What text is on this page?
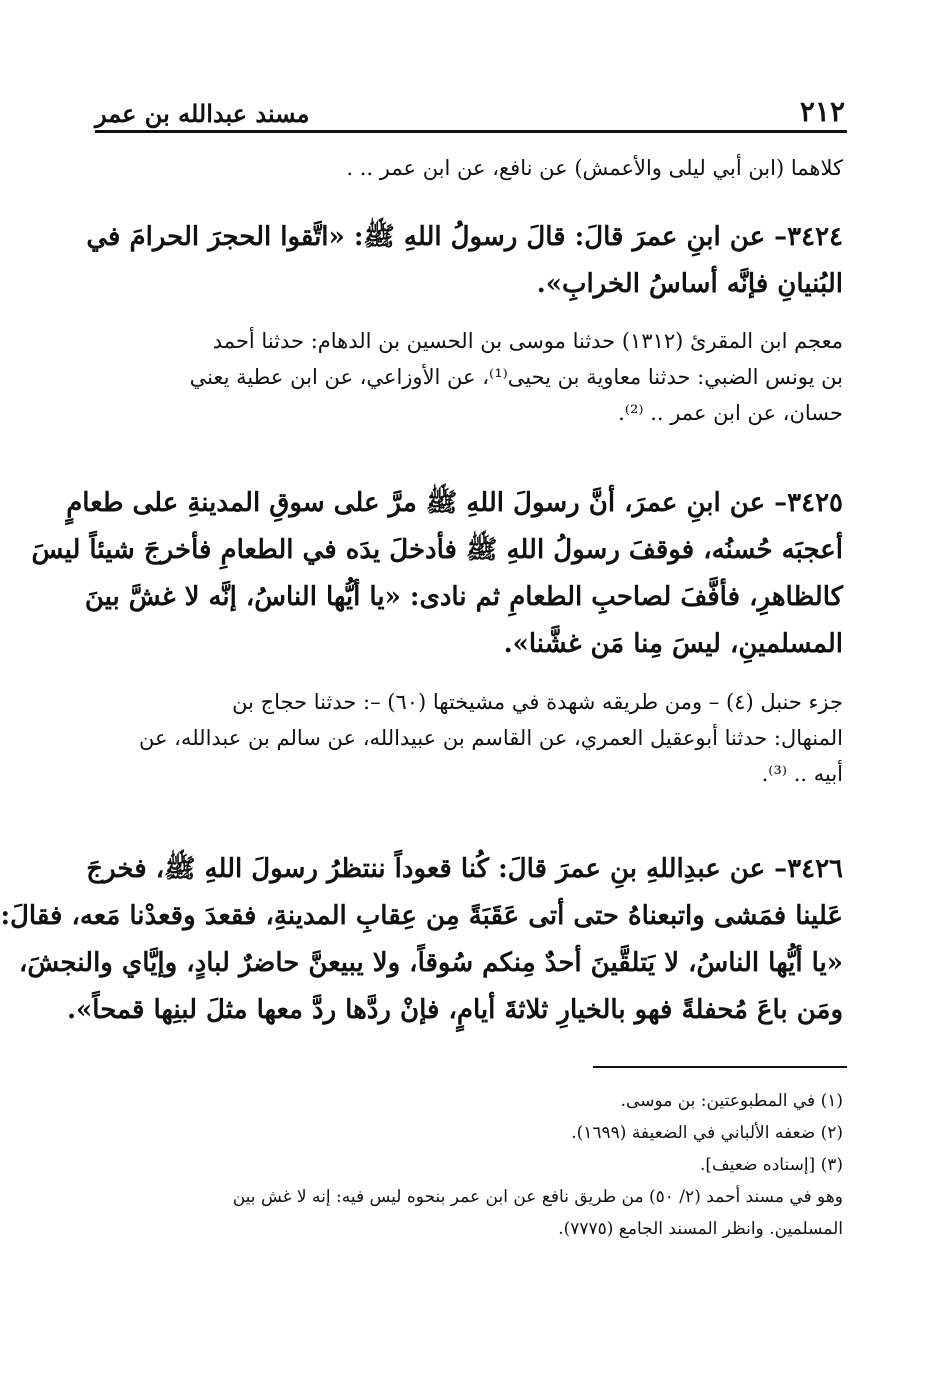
٢١٢
مسند عبدالله بن عمر
كلاهما (ابن أبي ليلى والأعمش) عن نافع، عن ابن عمر .. .
٣٤٢٤– عن ابنِ عمرَ قالَ: قالَ رسولُ اللهِ ﷺ: «اتَّقوا الحجرَ الحرامَ في
البُنيانِ فإنَّه أساسُ الخرابِ».
معجم ابن المقرئ (١٣١٢) حدثنا موسى بن الحسين بن الدهام: حدثنا أحمد
بن يونس الضبي: حدثنا معاوية بن يحيى⁽¹⁾، عن الأوزاعي، عن ابن عطية يعني
حسان، عن ابن عمر .. ⁽²⁾.
٣٤٢٥– عن ابنِ عمرَ، أنَّ رسولَ اللهِ ﷺ مرَّ على سوقِ المدينةِ على طعامٍ
أعجبَه حُسنُه، فوقفَ رسولُ اللهِ ﷺ فأدخلَ يدَه في الطعامِ فأخرجَ شيئاً ليسَ
كالظاهرِ، فأفَّفَ لصاحبِ الطعامِ ثم نادى: «يا أيُّها الناسُ، إنَّه لا غشَّ بينَ
المسلمينِ، ليسَ مِنا مَن غشَّنا».
جزء حنبل (٤) – ومن طريقه شهدة في مشيختها (٦٠) –: حدثنا حجاج بن
المنهال: حدثنا أبوعقيل العمري، عن القاسم بن عبيدالله، عن سالم بن عبدالله، عن
أبيه .. ⁽³⁾.
٣٤٢٦– عن عبدِاللهِ بنِ عمرَ قالَ: كُنا قعوداً ننتظرُ رسولَ اللهِ ﷺ، فخرجَ
عَلينا فمَشى واتبعناهُ حتى أتى عَقَبَةً مِن عِقابِ المدينةِ، فقعدَ وقعدْنا مَعه، فقالَ:
«يا أيُّها الناسُ، لا يَتلقَّينَ أحدٌ مِنكم سُوقاً، ولا يبيعنَّ حاضرٌ لبادٍ، وإيَّاي والنجشَ،
ومَن باعَ مُحفلةً فهو بالخيارِ ثلاثةَ أيامٍ، فإنْ ردَّها ردَّ معها مثلَ لبنِها قمحاً».
(١) في المطبوعتين: بن موسى.
(٢) ضعفه الألباني في الضعيفة (١٦٩٩).
(٣) [إسناده ضعيف].
وهو في مسند أحمد (٢/ ٥٠) من طريق نافع عن ابن عمر بنحوه ليس فيه: إنه لا غش بين
المسلمين. وانظر المسند الجامع (٧٧٧٥).
